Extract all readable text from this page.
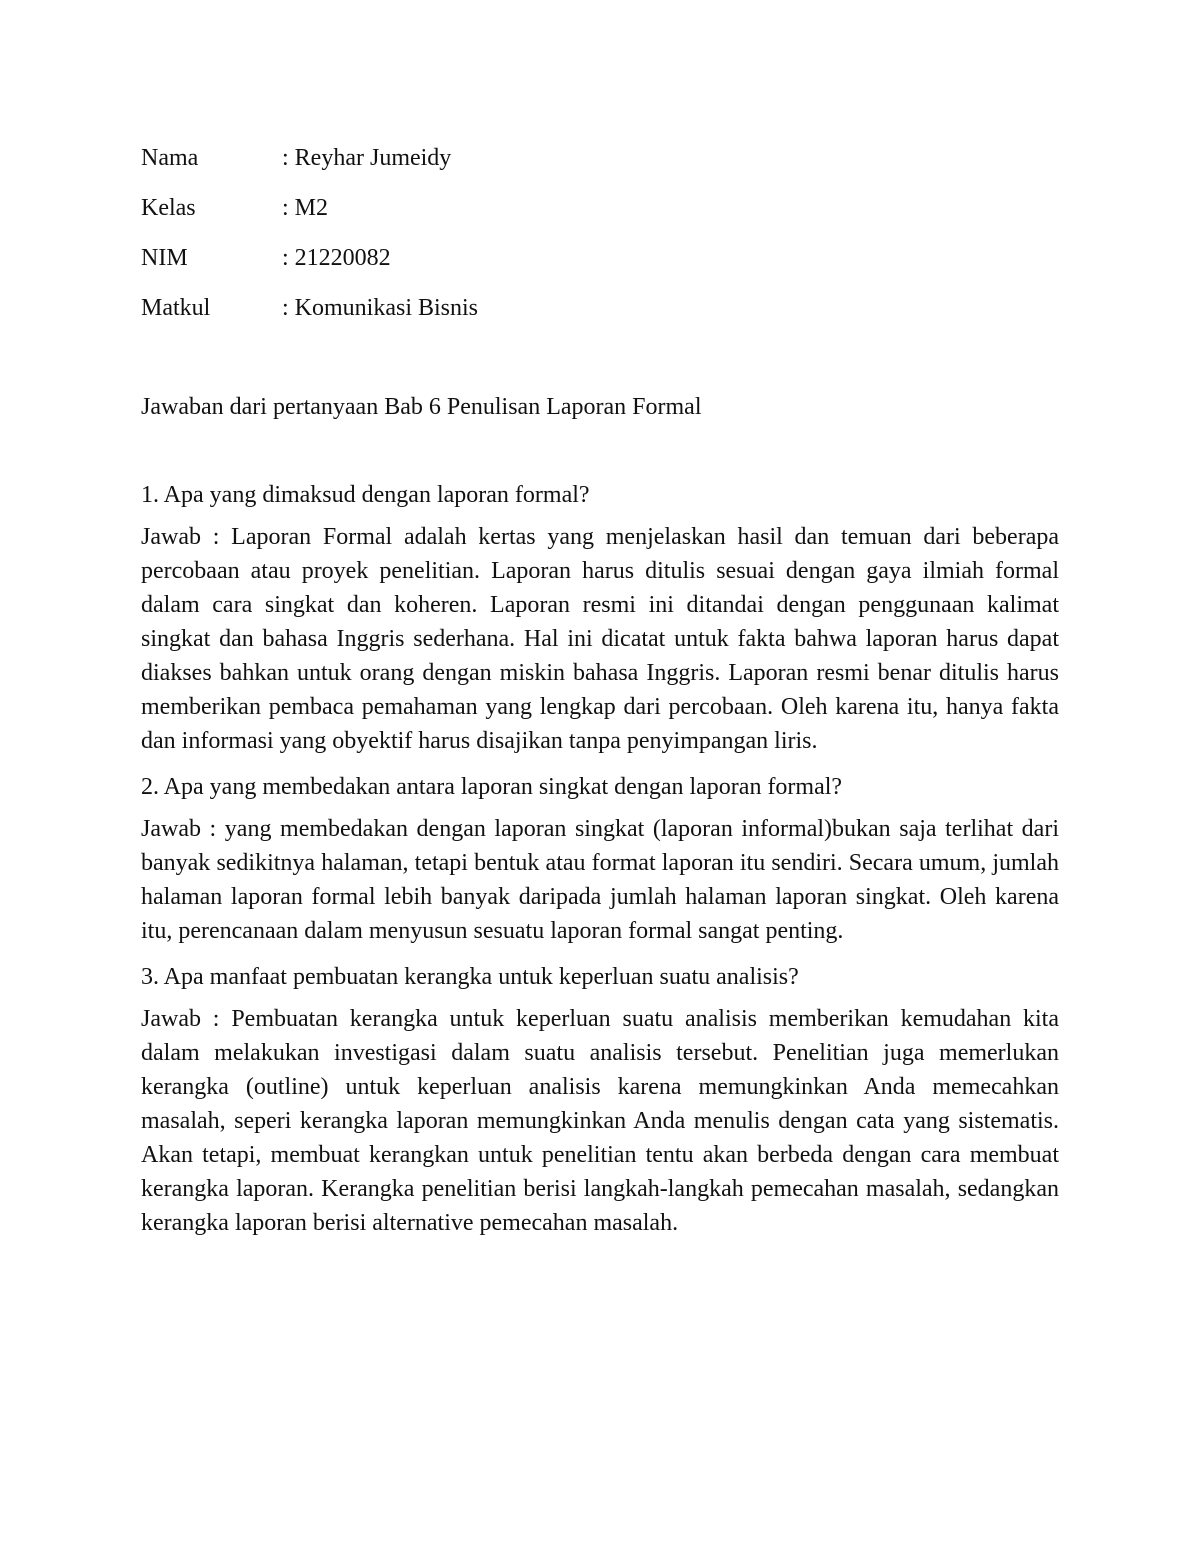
Nama	: Reyhar Jumeidy
Kelas	: M2
NIM	: 21220082
Matkul	: Komunikasi Bisnis

Jawaban dari pertanyaan Bab 6 Penulisan Laporan Formal

1. Apa yang dimaksud dengan laporan formal?

Jawab : Laporan Formal adalah kertas yang menjelaskan hasil dan temuan dari beberapa percobaan atau proyek penelitian. Laporan harus ditulis sesuai dengan gaya ilmiah formal dalam cara singkat dan koheren. Laporan resmi ini ditandai dengan penggunaan kalimat singkat dan bahasa Inggris sederhana. Hal ini dicatat untuk fakta bahwa laporan harus dapat diakses bahkan untuk orang dengan miskin bahasa Inggris. Laporan resmi benar ditulis harus memberikan pembaca pemahaman yang lengkap dari percobaan. Oleh karena itu, hanya fakta dan informasi yang obyektif harus disajikan tanpa penyimpangan liris.

2. Apa yang membedakan antara laporan singkat dengan laporan formal?

Jawab : yang membedakan dengan laporan singkat (laporan informal)bukan saja terlihat dari banyak sedikitnya halaman, tetapi bentuk atau format laporan itu sendiri. Secara umum, jumlah halaman laporan formal lebih banyak daripada jumlah halaman laporan singkat. Oleh karena itu, perencanaan dalam menyusun sesuatu laporan formal sangat penting.

3. Apa manfaat pembuatan kerangka untuk keperluan suatu analisis?

Jawab :Pembuatan kerangka untuk keperluan suatu analisis memberikan kemudahan kita dalam melakukan investigasi dalam suatu analisis tersebut. Penelitian juga memerlukan kerangka (outline) untuk keperluan analisis karena memungkinkan Anda memecahkan masalah, seperi kerangka laporan memungkinkan Anda menulis dengan cata yang sistematis. Akan tetapi, membuat kerangkan untuk penelitian tentu akan berbeda dengan cara membuat kerangka laporan. Kerangka penelitian berisi langkah-langkah pemecahan masalah, sedangkan kerangka laporan berisi alternative pemecahan masalah.
